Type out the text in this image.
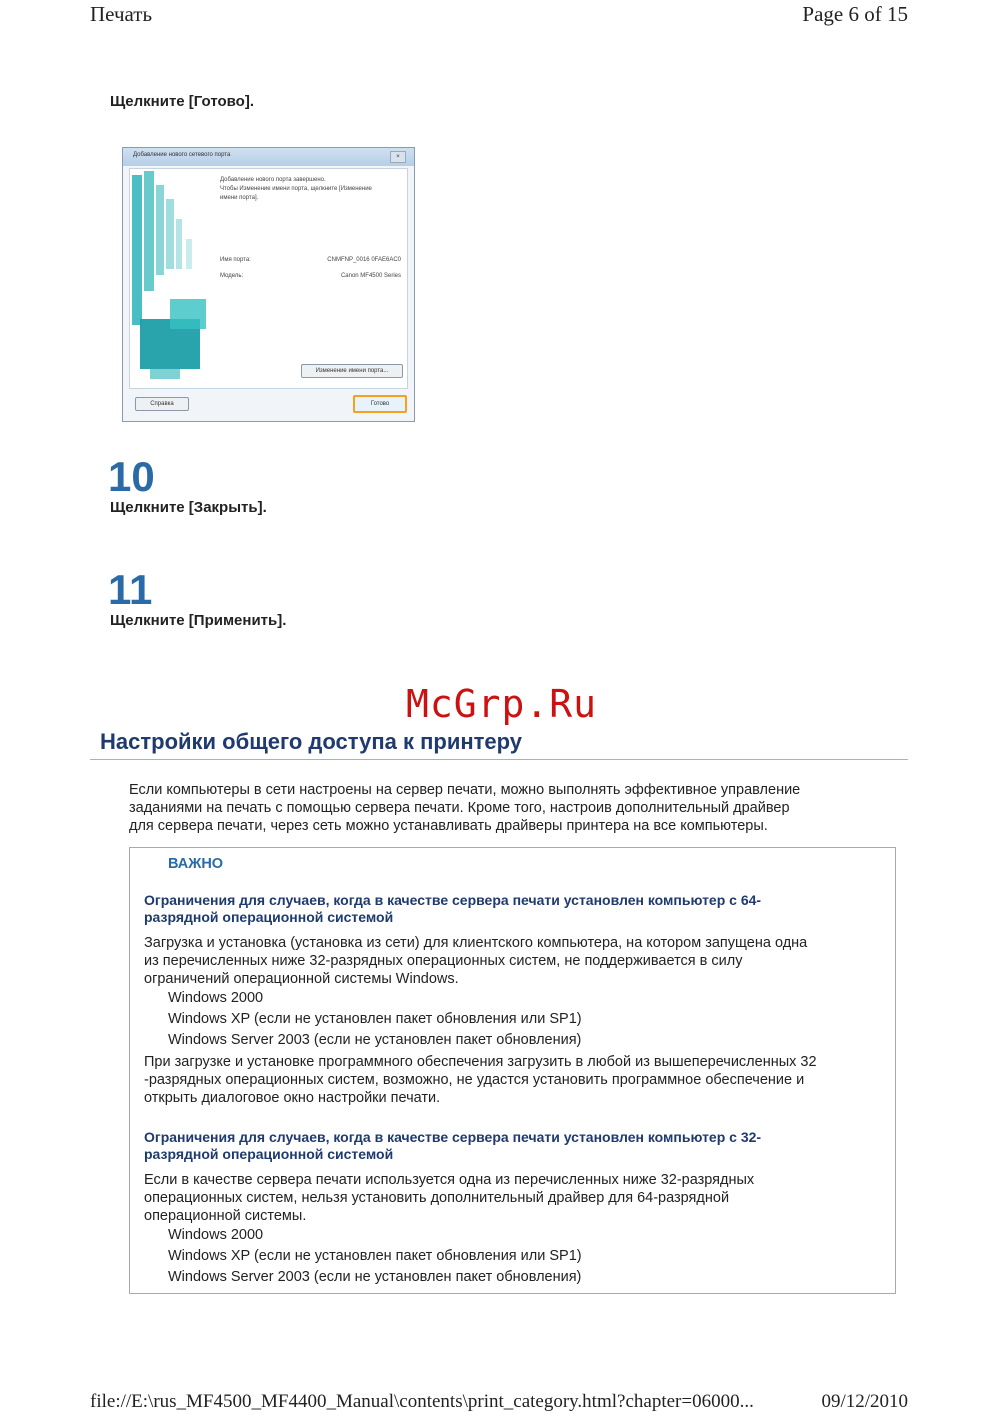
Печать	Page 6 of 15
Щелкните [Готово].
Добавление нового сетевого порта	×
Добавление нового порта завершено.
Чтобы Изменение имени порта, щелкните [Изменение
имени порта].
Имя порта:	CNMFNP_0016 0FAE6AC0
Модель:	Canon MF4500 Series
Изменение имени порта...
Справка	Готово
10
Щелкните [Закрыть].
11
Щелкните [Применить].
McGrp.Ru
Настройки общего доступа к принтеру
Если компьютеры в сети настроены на сервер печати, можно выполнять эффективное управление
заданиями на печать с помощью сервера печати. Кроме того, настроив дополнительный драйвер
для сервера печати, через сеть можно устанавливать драйверы принтера на все компьютеры.
ВАЖНО
Ограничения для случаев, когда в качестве сервера печати установлен компьютер с 64-
разрядной операционной системой
Загрузка и установка (установка из сети) для клиентского компьютера, на котором запущена одна
из перечисленных ниже 32-разрядных операционных систем, не поддерживается в силу
ограничений операционной системы Windows.
Windows 2000
Windows XP (если не установлен пакет обновления или SP1)
Windows Server 2003 (если не установлен пакет обновления)
При загрузке и установке программного обеспечения загрузить в любой из вышеперечисленных 32
-разрядных операционных систем, возможно, не удастся установить программное обеспечение и
открыть диалоговое окно настройки печати.
Ограничения для случаев, когда в качестве сервера печати установлен компьютер с 32-
разрядной операционной системой
Если в качестве сервера печати используется одна из перечисленных ниже 32-разрядных
операционных систем, нельзя установить дополнительный драйвер для 64-разрядной
операционной системы.
Windows 2000
Windows XP (если не установлен пакет обновления или SP1)
Windows Server 2003 (если не установлен пакет обновления)
file://E:\rus_MF4500_MF4400_Manual\contents\print_category.html?chapter=06000...	09/12/2010
